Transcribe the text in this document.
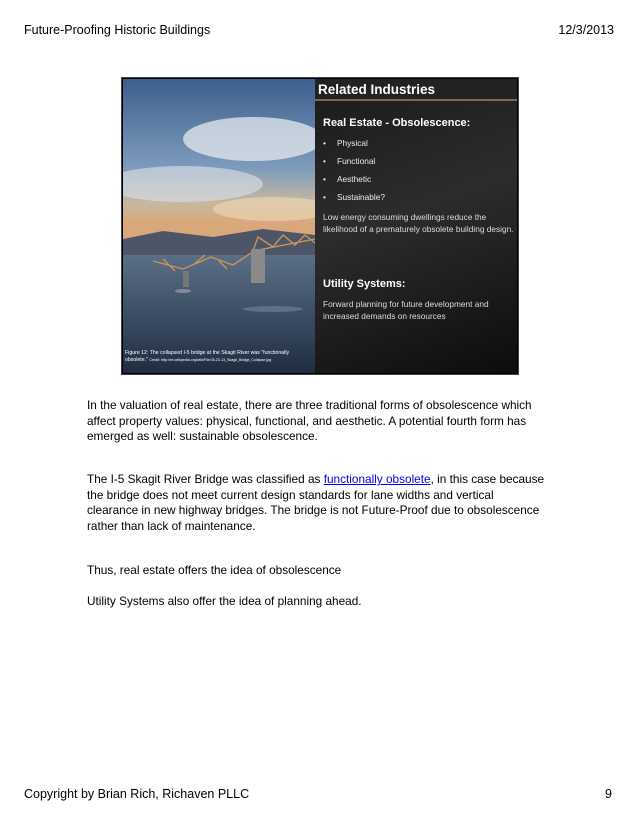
Future-Proofing Historic Buildings	12/3/2013
Figure 12: The collapsed I-5 bridge at the Skagit River was "functionally obsolete." Credit: http://en.wikipedia.org/wiki/File:05-23-13_Skagit_Bridge_Collapse.jpg
Related Industries
Real Estate - Obsolescence:
• Physical
• Functional
• Aesthetic
• Sustainable?
Low energy consuming dwellings reduce the likelihood of a prematurely obsolete building design.
Utility Systems:
Forward planning for future development and increased demands on resources
In the valuation of real estate, there are three traditional forms of obsolescence which affect property values: physical, functional, and aesthetic. A potential fourth form has emerged as well: sustainable obsolescence.
The I-5 Skagit River Bridge was classified as functionally obsolete, in this case because the bridge does not meet current design standards for lane widths and vertical clearance in new highway bridges. The bridge is not Future-Proof due to obsolescence rather than lack of maintenance.
Thus, real estate offers the idea of obsolescence
Utility Systems also offer the idea of planning ahead.
Copyright by Brian Rich, Richaven PLLC	9
